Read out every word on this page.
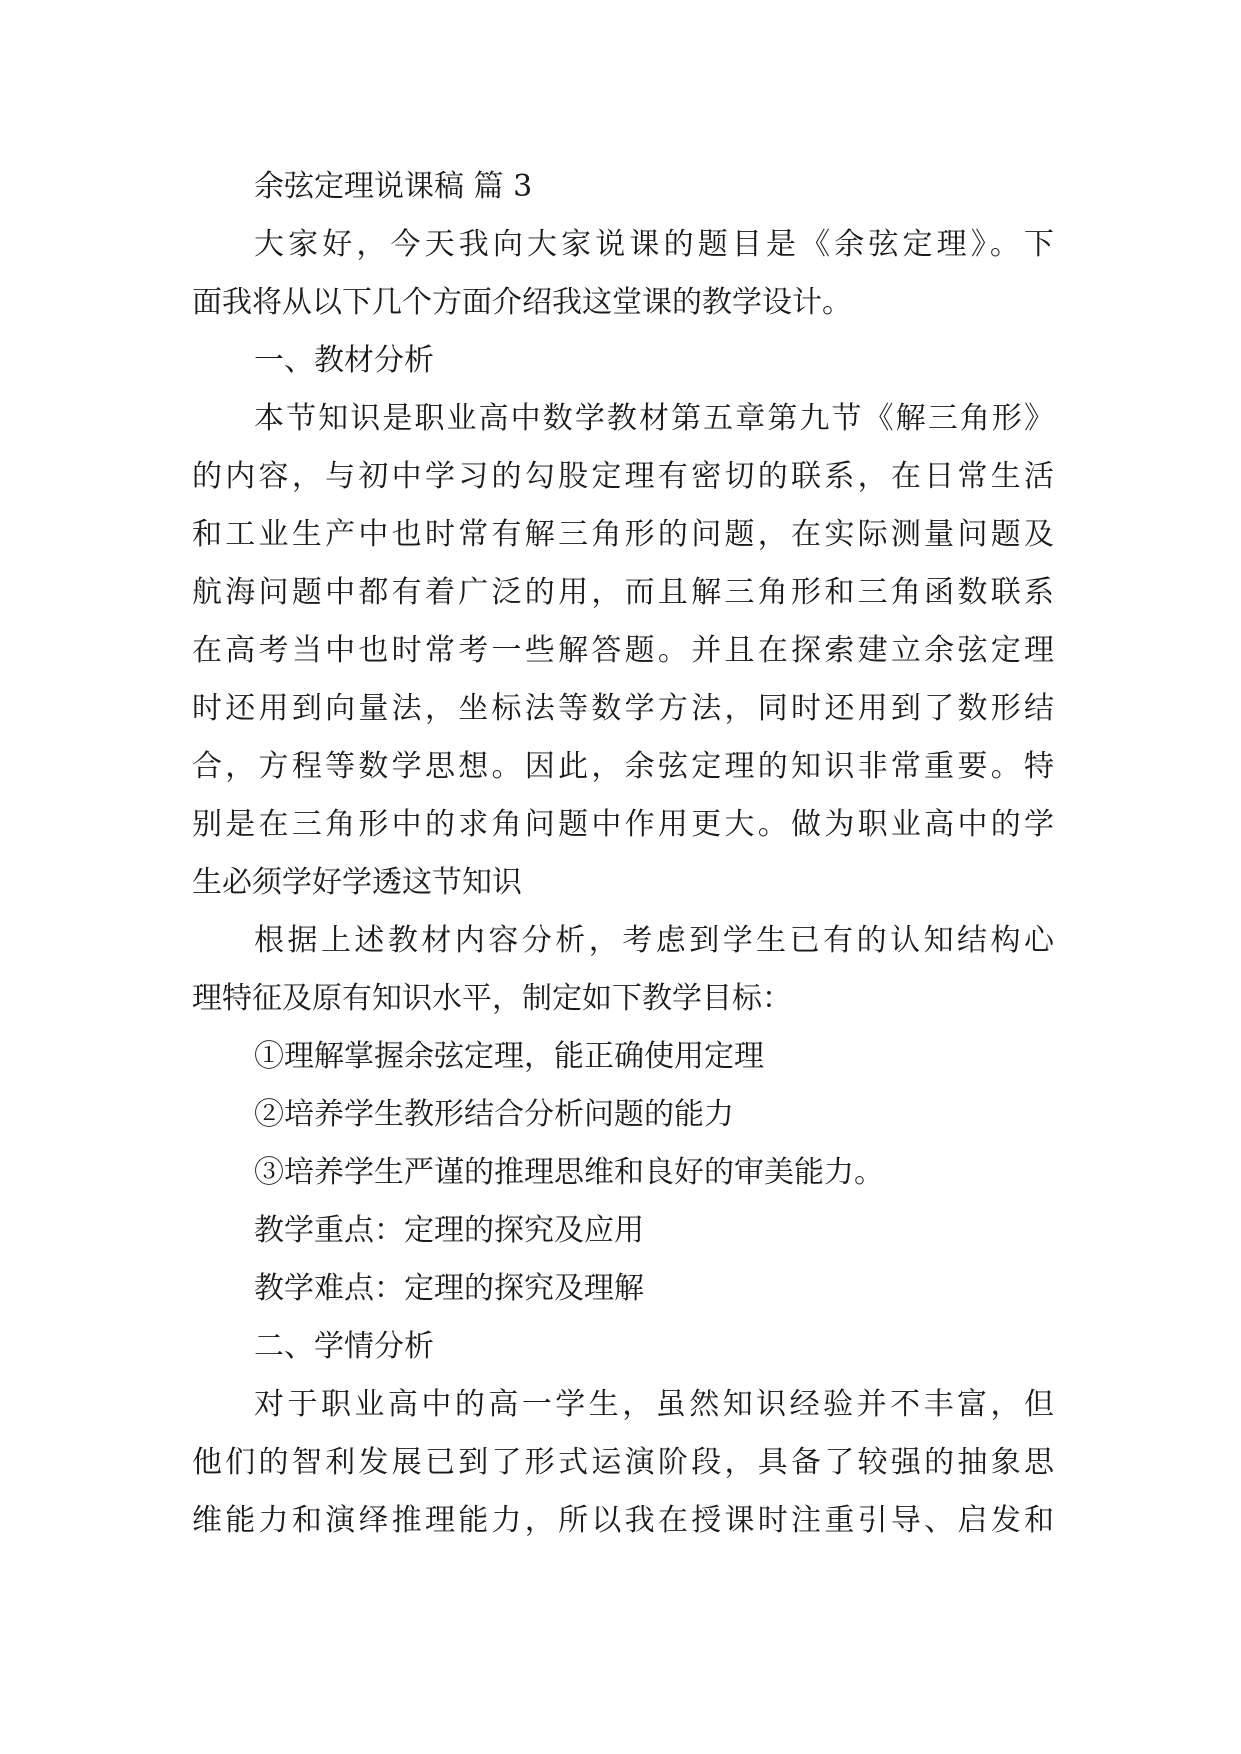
余弦定理说课稿 篇 3
大家好，今天我向大家说课的题目是《余弦定理》。下
面我将从以下几个方面介绍我这堂课的教学设计。
一、教材分析
本节知识是职业高中数学教材第五章第九节《解三角形》
的内容，与初中学习的勾股定理有密切的联系，在日常生活
和工业生产中也时常有解三角形的问题，在实际测量问题及
航海问题中都有着广泛的用，而且解三角形和三角函数联系
在高考当中也时常考一些解答题。并且在探索建立余弦定理
时还用到向量法，坐标法等数学方法，同时还用到了数形结
合，方程等数学思想。因此，余弦定理的知识非常重要。特
别是在三角形中的求角问题中作用更大。做为职业高中的学
生必须学好学透这节知识
根据上述教材内容分析，考虑到学生已有的认知结构心
理特征及原有知识水平，制定如下教学目标：
①理解掌握余弦定理，能正确使用定理
②培养学生教形结合分析问题的能力
③培养学生严谨的推理思维和良好的审美能力。
教学重点：定理的探究及应用
教学难点：定理的探究及理解
二、学情分析
对于职业高中的高一学生，虽然知识经验并不丰富，但
他们的智利发展已到了形式运演阶段，具备了较强的抽象思
维能力和演绎推理能力，所以我在授课时注重引导、启发和
